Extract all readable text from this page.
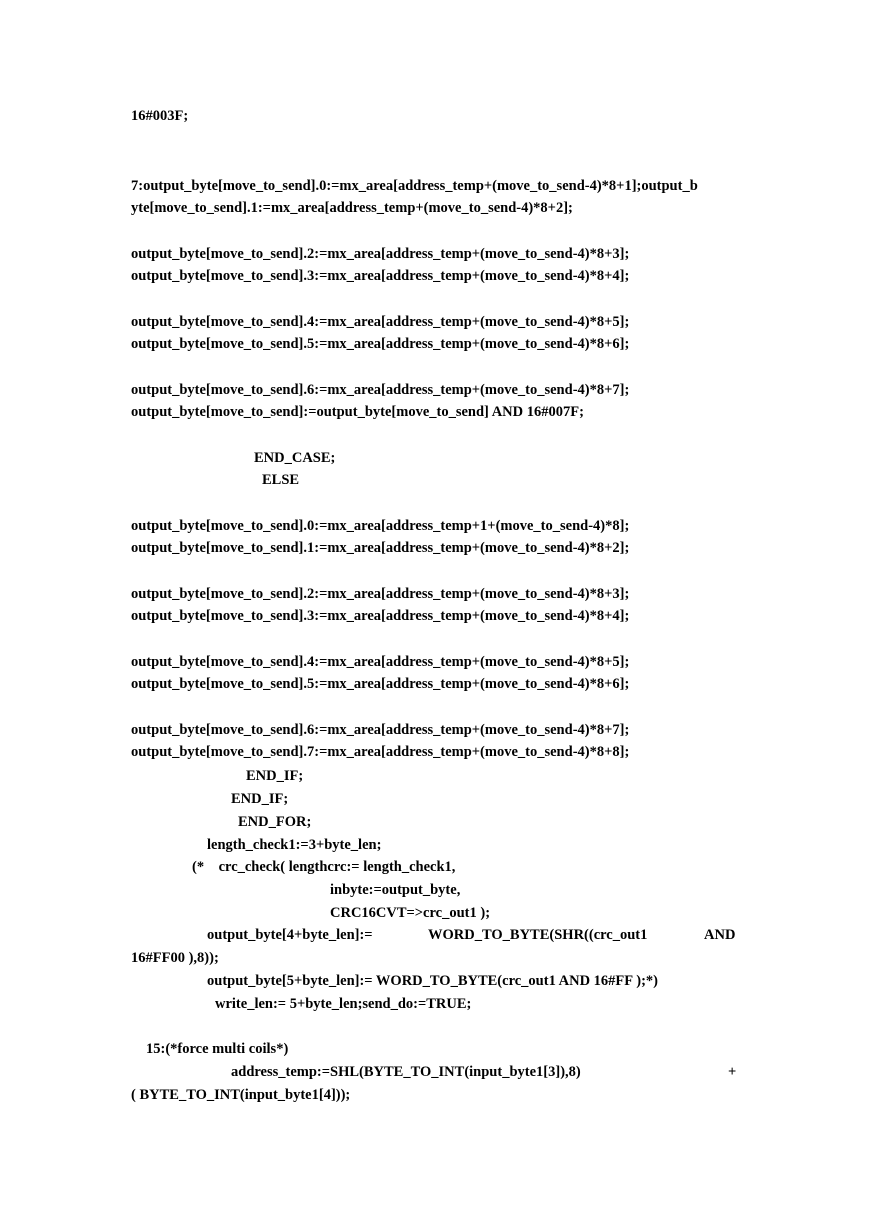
16#003F;
7:output_byte[move_to_send].0:=mx_area[address_temp+(move_to_send-4)*8+1];output_b
yte[move_to_send].1:=mx_area[address_temp+(move_to_send-4)*8+2];
output_byte[move_to_send].2:=mx_area[address_temp+(move_to_send-4)*8+3];
output_byte[move_to_send].3:=mx_area[address_temp+(move_to_send-4)*8+4];
output_byte[move_to_send].4:=mx_area[address_temp+(move_to_send-4)*8+5];
output_byte[move_to_send].5:=mx_area[address_temp+(move_to_send-4)*8+6];
output_byte[move_to_send].6:=mx_area[address_temp+(move_to_send-4)*8+7];
output_byte[move_to_send]:=output_byte[move_to_send] AND 16#007F;
END_CASE;
ELSE
output_byte[move_to_send].0:=mx_area[address_temp+1+(move_to_send-4)*8];
output_byte[move_to_send].1:=mx_area[address_temp+(move_to_send-4)*8+2];
output_byte[move_to_send].2:=mx_area[address_temp+(move_to_send-4)*8+3];
output_byte[move_to_send].3:=mx_area[address_temp+(move_to_send-4)*8+4];
output_byte[move_to_send].4:=mx_area[address_temp+(move_to_send-4)*8+5];
output_byte[move_to_send].5:=mx_area[address_temp+(move_to_send-4)*8+6];
output_byte[move_to_send].6:=mx_area[address_temp+(move_to_send-4)*8+7];
output_byte[move_to_send].7:=mx_area[address_temp+(move_to_send-4)*8+8];
END_IF;
END_IF;
END_FOR;
length_check1:=3+byte_len;
(*    crc_check( lengthcrc:= length_check1,
inbyte:=output_byte,
CRC16CVT=>crc_out1 );
output_byte[4+byte_len]:=	WORD_TO_BYTE(SHR((crc_out1	AND
16#FF00 ),8));
output_byte[5+byte_len]:= WORD_TO_BYTE(crc_out1 AND 16#FF );*)
write_len:= 5+byte_len;send_do:=TRUE;
15:(*force multi coils*)
address_temp:=SHL(BYTE_TO_INT(input_byte1[3]),8)	+
( BYTE_TO_INT(input_byte1[4]));
